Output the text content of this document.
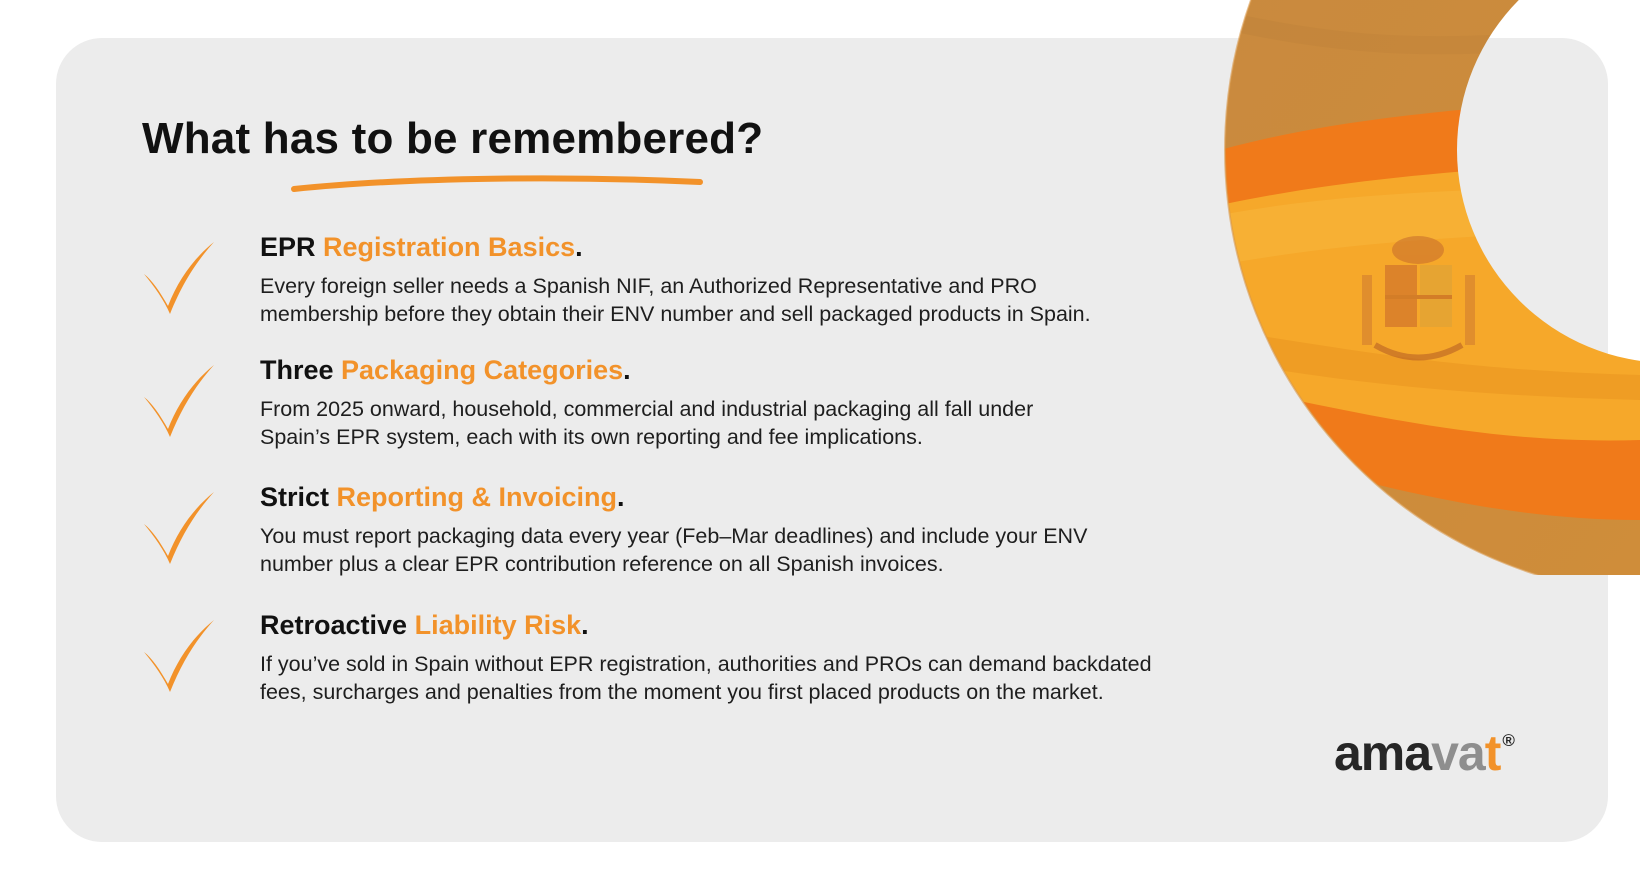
What has to be remembered?
EPR Registration Basics.

Every foreign seller needs a Spanish NIF, an Authorized Representative and PRO
membership before they obtain their ENV number and sell packaged products in Spain.

Three Packaging Categories.

From 2025 onward, household, commercial and industrial packaging all fall under
Spain’s EPR system, each with its own reporting and fee implications.

Strict Reporting & Invoicing.

You must report packaging data every year (Feb–Mar deadlines) and include your ENV
number plus a clear EPR contribution reference on all Spanish invoices.

Retroactive Liability Risk.

If you’ve sold in Spain without EPR registration, authorities and PROs can demand backdated
fees, surcharges and penalties from the moment you first placed products on the market.

amavat ®
